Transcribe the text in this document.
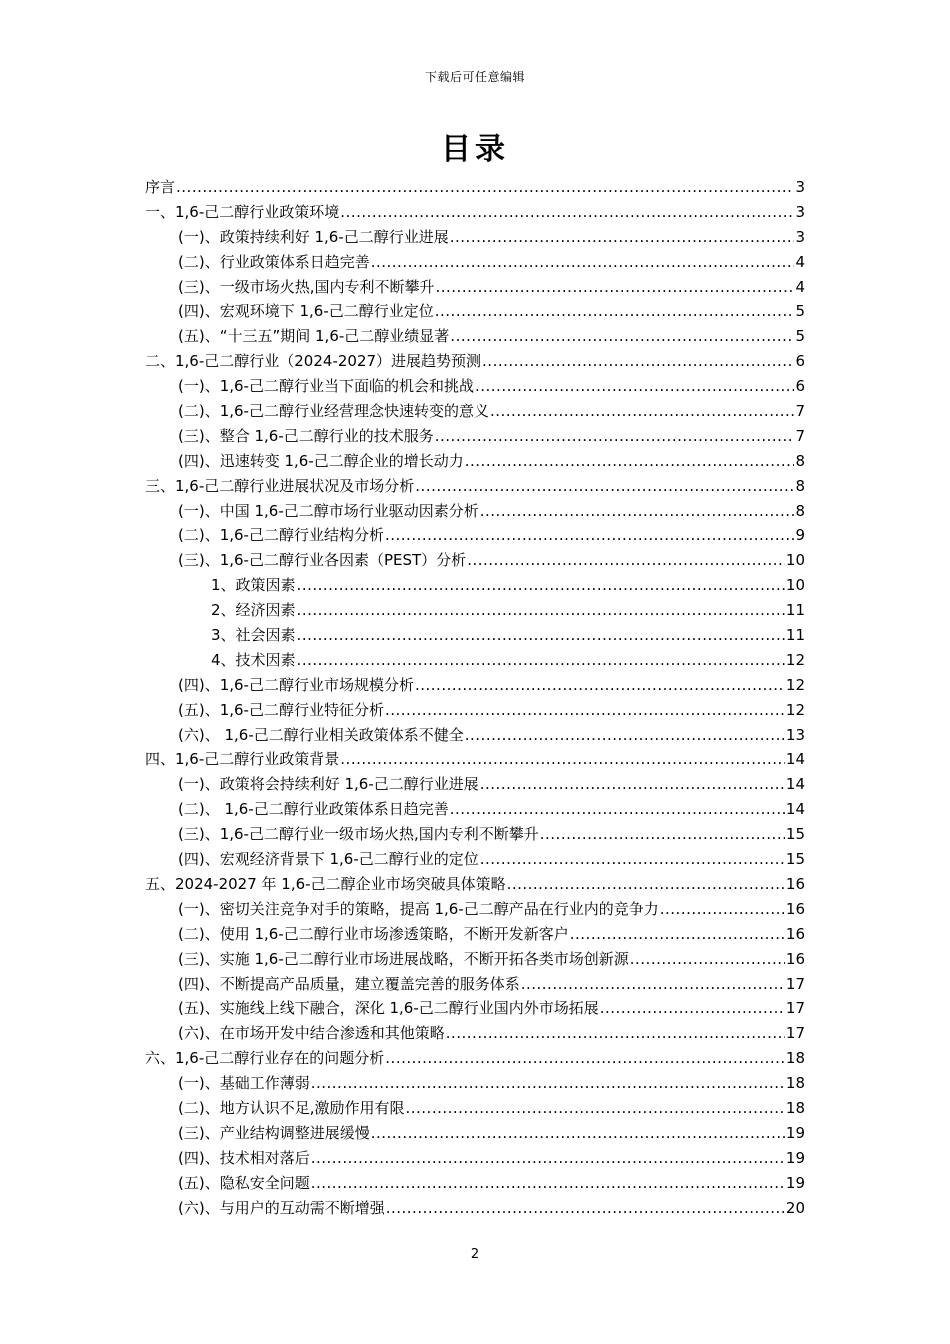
下载后可任意编辑
目录
序言 .....	3
一、1,6-己二醇行业政策环境 .....	3
(一)、政策持续利好 1,6-己二醇行业进展 .....	3
(二)、行业政策体系日趋完善 .....	4
(三)、一级市场火热,国内专利不断攀升 .....	4
(四)、宏观环境下 1,6-己二醇行业定位 .....	5
(五)、“十三五”期间 1,6-己二醇业绩显著 .....	5
二、1,6-己二醇行业（2024-2027）进展趋势预测 .....	6
(一)、1,6-己二醇行业当下面临的机会和挑战 .....	6
(二)、1,6-己二醇行业经营理念快速转变的意义 .....	7
(三)、整合 1,6-己二醇行业的技术服务 .....	7
(四)、迅速转变 1,6-己二醇企业的增长动力 .....	8
三、1,6-己二醇行业进展状况及市场分析 .....	8
(一)、中国 1,6-己二醇市场行业驱动因素分析 .....	8
(二)、1,6-己二醇行业结构分析 .....	9
(三)、1,6-己二醇行业各因素（PEST）分析 .....	10
1、政策因素 .....	10
2、经济因素 .....	11
3、社会因素 .....	11
4、技术因素 .....	12
(四)、1,6-己二醇行业市场规模分析 .....	12
(五)、1,6-己二醇行业特征分析 .....	12
(六)、 1,6-己二醇行业相关政策体系不健全 .....	13
四、1,6-己二醇行业政策背景 .....	14
(一)、政策将会持续利好 1,6-己二醇行业进展 .....	14
(二)、 1,6-己二醇行业政策体系日趋完善 .....	14
(三)、1,6-己二醇行业一级市场火热,国内专利不断攀升 .....	15
(四)、宏观经济背景下 1,6-己二醇行业的定位 .....	15
五、2024-2027 年 1,6-己二醇企业市场突破具体策略 .....	16
(一)、密切关注竞争对手的策略，提高 1,6-己二醇产品在行业内的竞争力 .....	16
(二)、使用 1,6-己二醇行业市场渗透策略，不断开发新客户 .....	16
(三)、实施 1,6-己二醇行业市场进展战略，不断开拓各类市场创新源 .....	16
(四)、不断提高产品质量，建立覆盖完善的服务体系 .....	17
(五)、实施线上线下融合，深化 1,6-己二醇行业国内外市场拓展 .....	17
(六)、在市场开发中结合渗透和其他策略 .....	17
六、1,6-己二醇行业存在的问题分析 .....	18
(一)、基础工作薄弱 .....	18
(二)、地方认识不足,激励作用有限 .....	18
(三)、产业结构调整进展缓慢 .....	19
(四)、技术相对落后 .....	19
(五)、隐私安全问题 .....	19
(六)、与用户的互动需不断增强 .....	20
2
